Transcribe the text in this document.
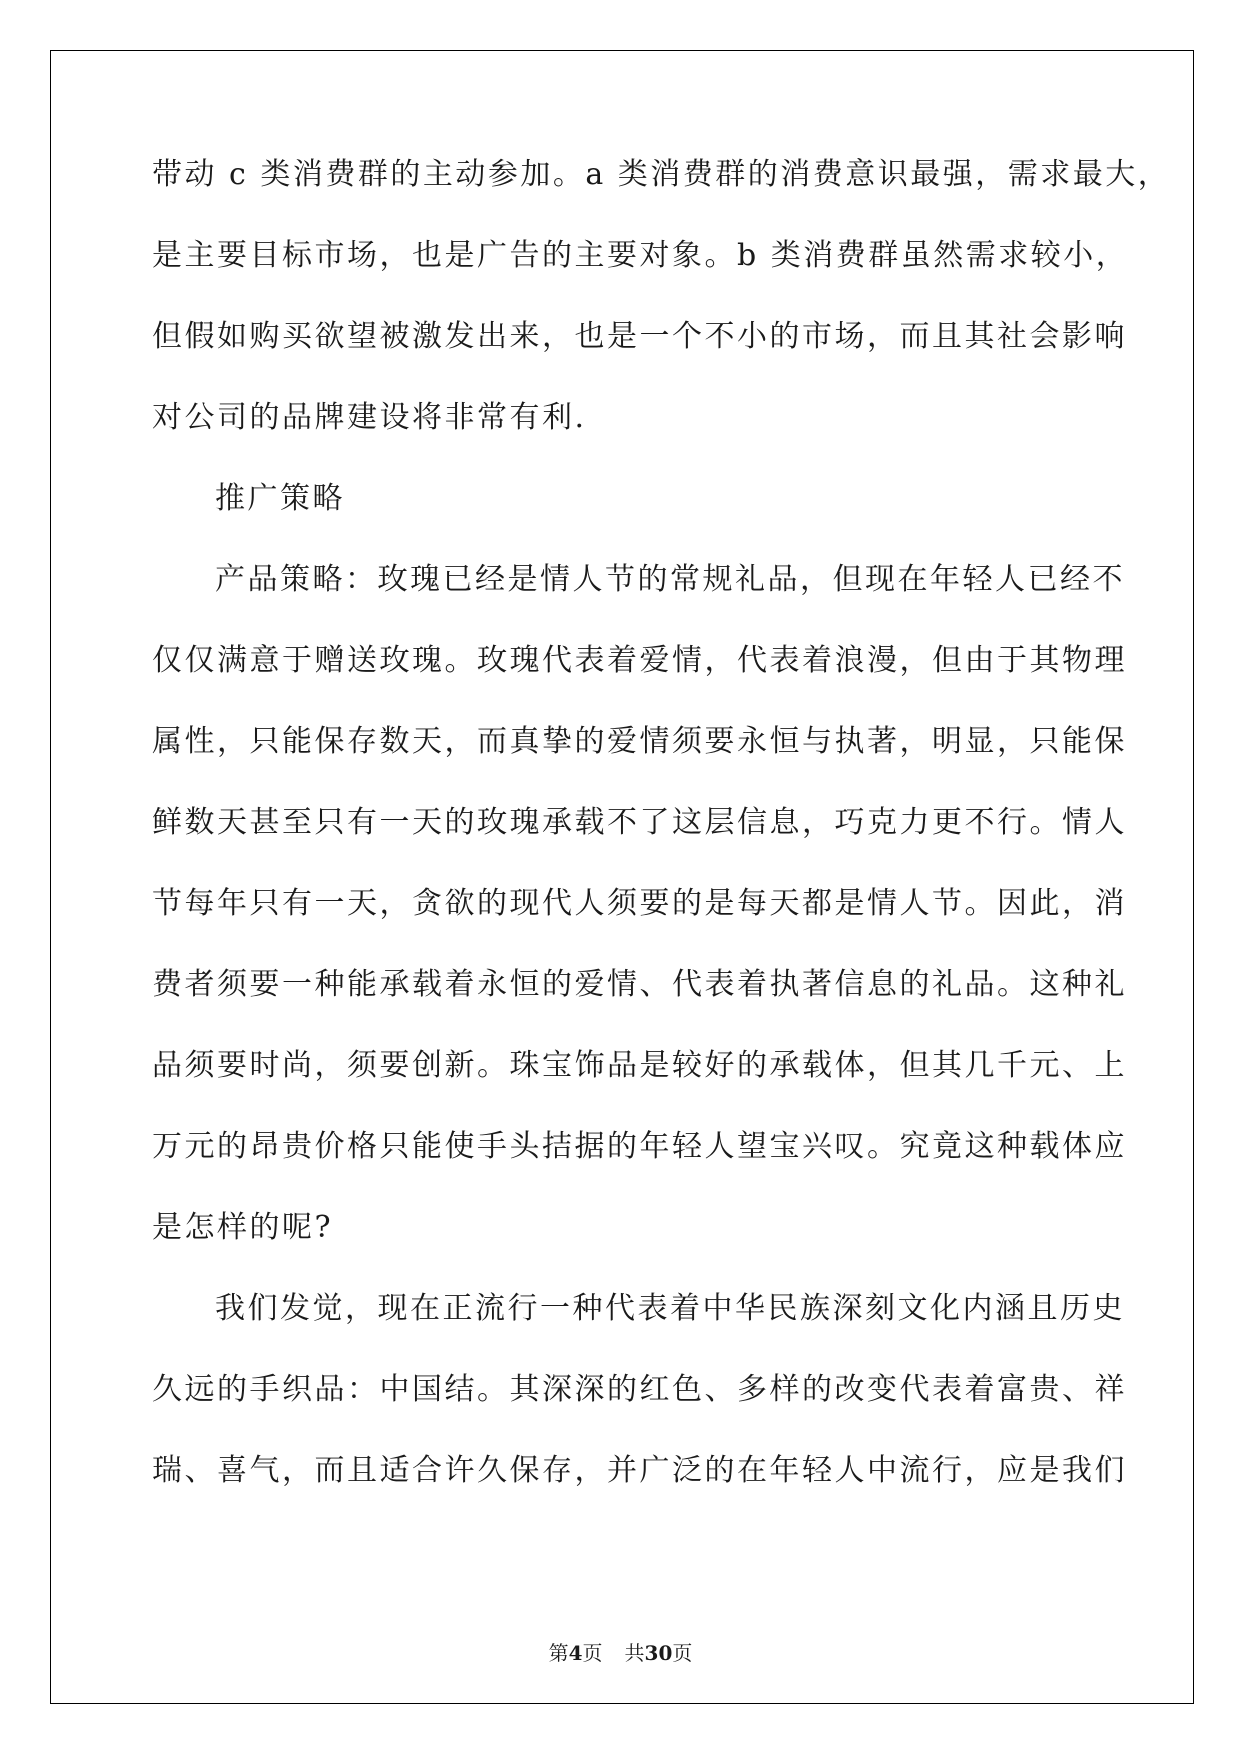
带动 c 类消费群的主动参加。a 类消费群的消费意识最强，需求最大，
是主要目标市场，也是广告的主要对象。b 类消费群虽然需求较小，
但假如购买欲望被激发出来，也是一个不小的市场，而且其社会影响
对公司的品牌建设将非常有利.
推广策略
产品策略：玫瑰已经是情人节的常规礼品，但现在年轻人已经不
仅仅满意于赠送玫瑰。玫瑰代表着爱情，代表着浪漫，但由于其物理
属性，只能保存数天，而真挚的爱情须要永恒与执著，明显，只能保
鲜数天甚至只有一天的玫瑰承载不了这层信息，巧克力更不行。情人
节每年只有一天，贪欲的现代人须要的是每天都是情人节。因此，消
费者须要一种能承载着永恒的爱情、代表着执著信息的礼品。这种礼
品须要时尚，须要创新。珠宝饰品是较好的承载体，但其几千元、上
万元的昂贵价格只能使手头拮据的年轻人望宝兴叹。究竟这种载体应
是怎样的呢?
我们发觉，现在正流行一种代表着中华民族深刻文化内涵且历史
久远的手织品：中国结。其深深的红色、多样的改变代表着富贵、祥
瑞、喜气，而且适合许久保存，并广泛的在年轻人中流行，应是我们
第4页 共30页
